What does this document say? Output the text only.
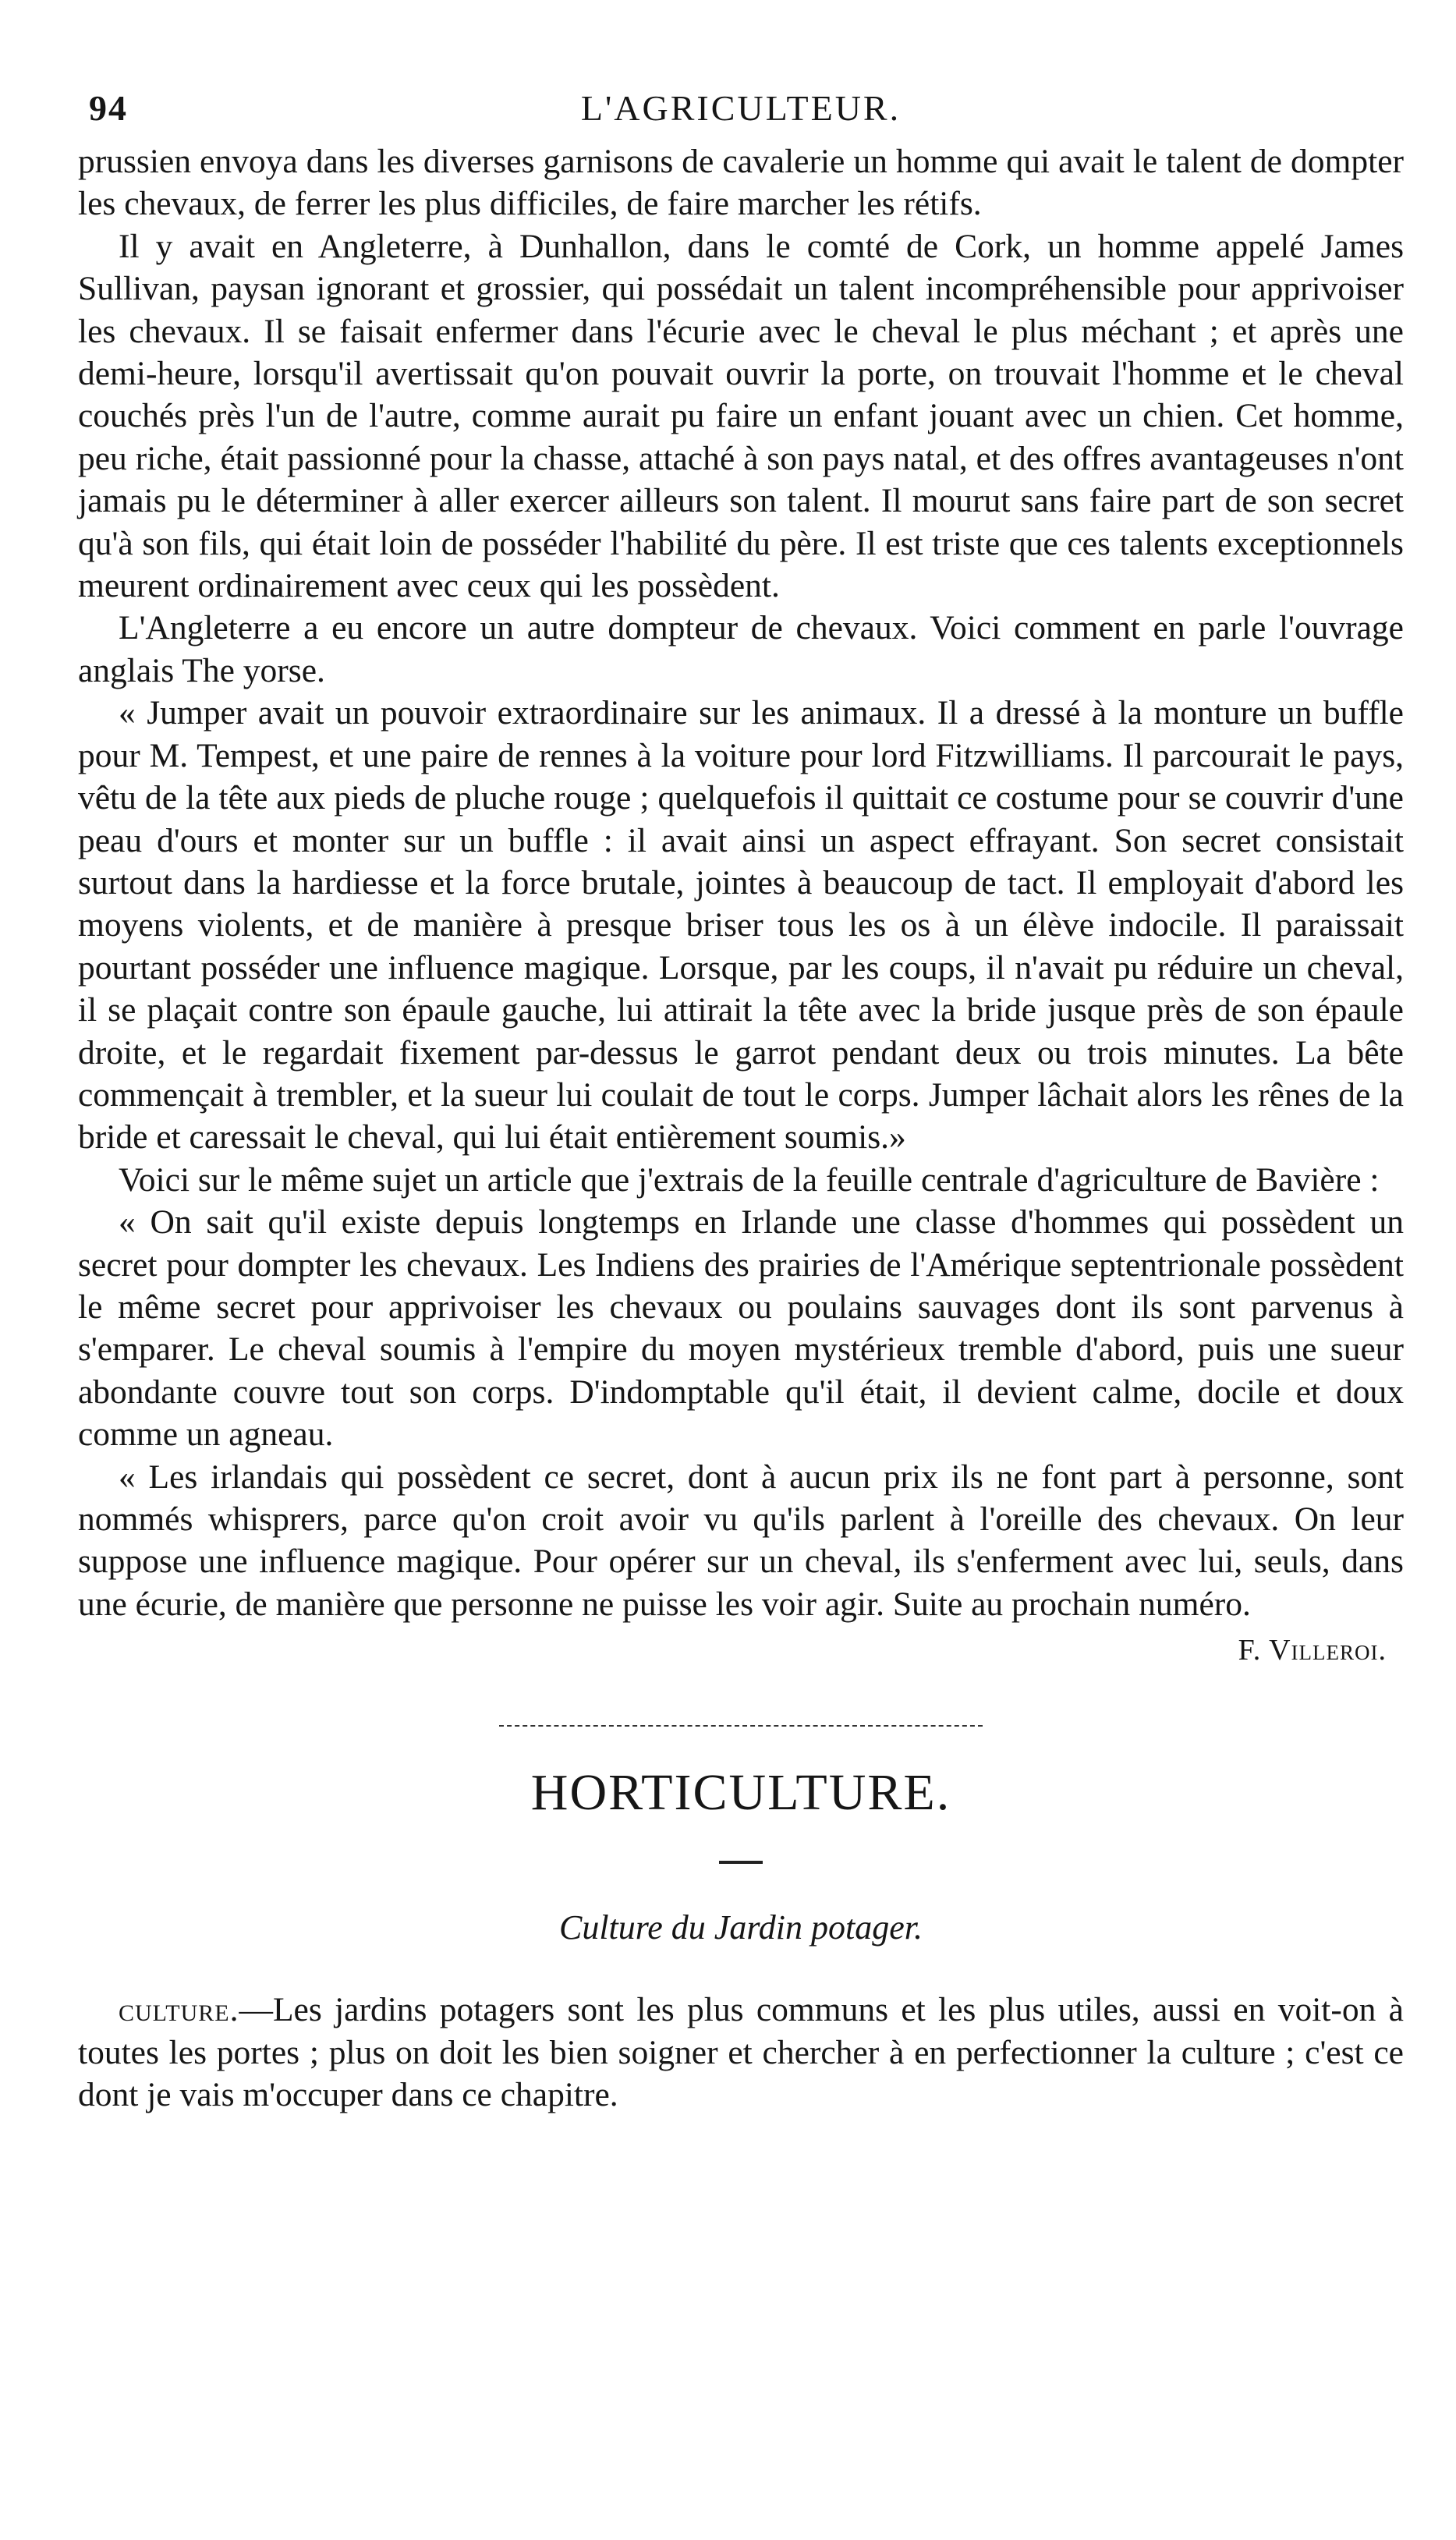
94	L'AGRICULTEUR.

prussien envoya dans les diverses garnisons de cavalerie un homme qui avait le talent de dompter les chevaux, de ferrer les plus difficiles, de faire marcher les rétifs.

Il y avait en Angleterre, à Dunhallon, dans le comté de Cork, un homme appelé James Sullivan, paysan ignorant et grossier, qui possédait un talent incompréhensible pour apprivoiser les chevaux. Il se faisait enfermer dans l'écurie avec le cheval le plus méchant ; et après une demi-heure, lorsqu'il avertissait qu'on pouvait ouvrir la porte, on trouvait l'homme et le cheval couchés près l'un de l'autre, comme aurait pu faire un enfant jouant avec un chien. Cet homme, peu riche, était passionné pour la chasse, attaché à son pays natal, et des offres avantageuses n'ont jamais pu le déterminer à aller exercer ailleurs son talent. Il mourut sans faire part de son secret qu'à son fils, qui était loin de posséder l'habilité du père. Il est triste que ces talents exceptionnels meurent ordinairement avec ceux qui les possèdent.

L'Angleterre a eu encore un autre dompteur de chevaux. Voici comment en parle l'ouvrage anglais The yorse.

« Jumper avait un pouvoir extraordinaire sur les animaux. Il a dressé à la monture un buffle pour M. Tempest, et une paire de rennes à la voiture pour lord Fitzwilliams. Il parcourait le pays, vêtu de la tête aux pieds de pluche rouge ; quelquefois il quittait ce costume pour se couvrir d'une peau d'ours et monter sur un buffle : il avait ainsi un aspect effrayant. Son secret consistait surtout dans la hardiesse et la force brutale, jointes à beaucoup de tact. Il employait d'abord les moyens violents, et de manière à presque briser tous les os à un élève indocile. Il paraissait pourtant posséder une influence magique. Lorsque, par les coups, il n'avait pu réduire un cheval, il se plaçait contre son épaule gauche, lui attirait la tête avec la bride jusque près de son épaule droite, et le regardait fixement par-dessus le garrot pendant deux ou trois minutes. La bête commençait à trembler, et la sueur lui coulait de tout le corps. Jumper lâchait alors les rênes de la bride et caressait le cheval, qui lui était entièrement soumis.»

Voici sur le même sujet un article que j'extrais de la feuille centrale d'agriculture de Bavière :

« On sait qu'il existe depuis longtemps en Irlande une classe d'hommes qui possèdent un secret pour dompter les chevaux. Les Indiens des prairies de l'Amérique septentrionale possèdent le même secret pour apprivoiser les chevaux ou poulains sauvages dont ils sont parvenus à s'emparer. Le cheval soumis à l'empire du moyen mystérieux tremble d'abord, puis une sueur abondante couvre tout son corps. D'indomptable qu'il était, il devient calme, docile et doux comme un agneau.

« Les irlandais qui possèdent ce secret, dont à aucun prix ils ne font part à personne, sont nommés whisprers, parce qu'on croit avoir vu qu'ils parlent à l'oreille des chevaux. On leur suppose une influence magique. Pour opérer sur un cheval, ils s'enferment avec lui, seuls, dans une écurie, de manière que personne ne puisse les voir agir. Suite au prochain numéro.

F. Villeroi.
HORTICULTURE.
Culture du Jardin potager.

culture.—Les jardins potagers sont les plus communs et les plus utiles, aussi en voit-on à toutes les portes ; plus on doit les bien soigner et chercher à en perfectionner la culture ; c'est ce dont je vais m'occuper dans ce chapitre.
